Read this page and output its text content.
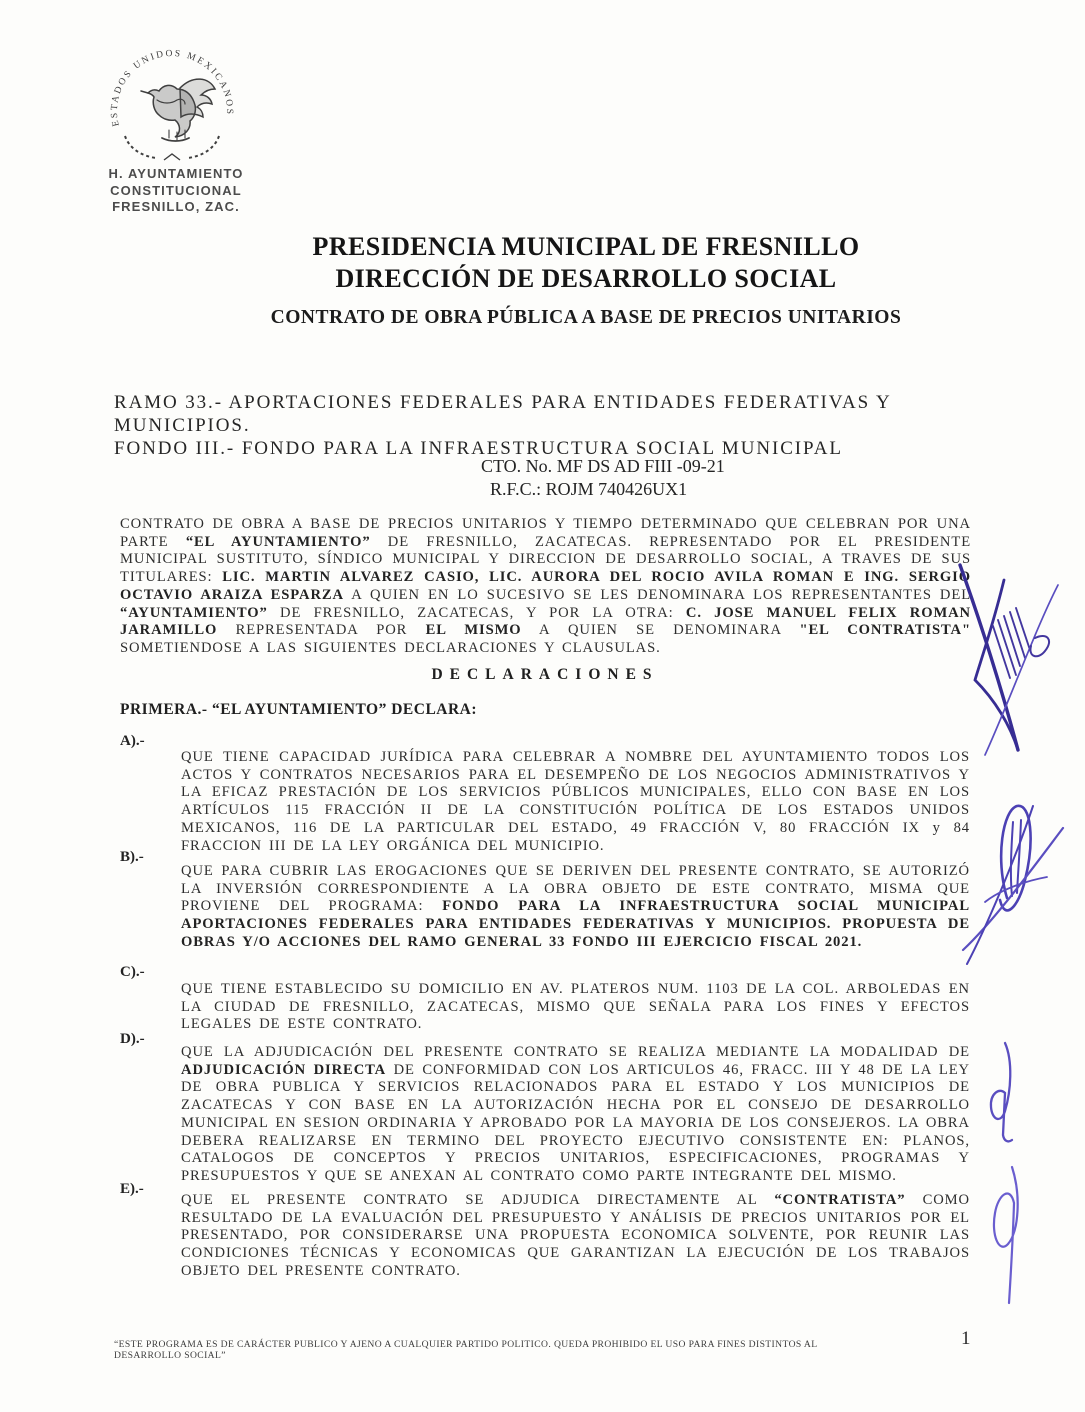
ESTADOS UNIDOS MEXICANOS
H. AYUNTAMIENTO
CONSTITUCIONAL
FRESNILLO, ZAC.
PRESIDENCIA MUNICIPAL DE FRESNILLO
DIRECCIÓN DE DESARROLLO SOCIAL
CONTRATO DE OBRA PÚBLICA A BASE DE PRECIOS UNITARIOS
RAMO 33.- APORTACIONES FEDERALES PARA ENTIDADES FEDERATIVAS Y MUNICIPIOS.
FONDO III.- FONDO PARA LA INFRAESTRUCTURA SOCIAL MUNICIPAL
CTO. No. MF DS AD FIII -09-21
R.F.C.: ROJM 740426UX1
CONTRATO DE OBRA A BASE DE PRECIOS UNITARIOS Y TIEMPO DETERMINADO QUE CELEBRAN POR UNA PARTE “EL AYUNTAMIENTO” DE FRESNILLO, ZACATECAS. REPRESENTADO POR EL PRESIDENTE MUNICIPAL SUSTITUTO, SÍNDICO MUNICIPAL Y DIRECCION DE DESARROLLO SOCIAL, A TRAVES DE SUS TITULARES: LIC. MARTIN ALVAREZ CASIO, LIC. AURORA DEL ROCIO AVILA ROMAN E ING. SERGIO OCTAVIO ARAIZA ESPARZA A QUIEN EN LO SUCESIVO SE LES DENOMINARA LOS REPRESENTANTES DEL “AYUNTAMIENTO” DE FRESNILLO, ZACATECAS, Y POR LA OTRA: C. JOSE MANUEL FELIX ROMAN JARAMILLO REPRESENTADA POR EL MISMO A QUIEN SE DENOMINARA "EL CONTRATISTA" SOMETIENDOSE A LAS SIGUIENTES DECLARACIONES Y CLAUSULAS.
DECLARACIONES
PRIMERA.- “EL AYUNTAMIENTO” DECLARA:
A).-
QUE TIENE CAPACIDAD JURÍDICA PARA CELEBRAR A NOMBRE DEL AYUNTAMIENTO TODOS LOS ACTOS Y CONTRATOS NECESARIOS PARA EL DESEMPEÑO DE LOS NEGOCIOS ADMINISTRATIVOS Y LA EFICAZ PRESTACIÓN DE LOS SERVICIOS PÚBLICOS MUNICIPALES, ELLO CON BASE EN LOS ARTÍCULOS 115 FRACCIÓN II DE LA CONSTITUCIÓN POLÍTICA DE LOS ESTADOS UNIDOS MEXICANOS, 116 DE LA PARTICULAR DEL ESTADO, 49 FRACCIÓN V, 80 FRACCIÓN IX y 84 FRACCION III DE LA LEY ORGÁNICA DEL MUNICIPIO.
B).-
QUE PARA CUBRIR LAS EROGACIONES QUE SE DERIVEN DEL PRESENTE CONTRATO, SE AUTORIZÓ LA INVERSIÓN CORRESPONDIENTE A LA OBRA OBJETO DE ESTE CONTRATO, MISMA QUE PROVIENE DEL PROGRAMA: FONDO PARA LA INFRAESTRUCTURA SOCIAL MUNICIPAL APORTACIONES FEDERALES PARA ENTIDADES FEDERATIVAS Y MUNICIPIOS. PROPUESTA DE OBRAS Y/O ACCIONES DEL RAMO GENERAL 33 FONDO III EJERCICIO FISCAL 2021.
C).-
QUE TIENE ESTABLECIDO SU DOMICILIO EN AV. PLATEROS NUM. 1103 DE LA COL. ARBOLEDAS EN LA CIUDAD DE FRESNILLO, ZACATECAS, MISMO QUE SEÑALA PARA LOS FINES Y EFECTOS LEGALES DE ESTE CONTRATO.
D).-
QUE LA ADJUDICACIÓN DEL PRESENTE CONTRATO SE REALIZA MEDIANTE LA MODALIDAD DE ADJUDICACIÓN DIRECTA DE CONFORMIDAD CON LOS ARTICULOS 46, FRACC. III Y 48 DE LA LEY DE OBRA PUBLICA Y SERVICIOS RELACIONADOS PARA EL ESTADO Y LOS MUNICIPIOS DE ZACATECAS Y CON BASE EN LA AUTORIZACIÓN HECHA POR EL CONSEJO DE DESARROLLO MUNICIPAL EN SESION ORDINARIA Y APROBADO POR LA MAYORIA DE LOS CONSEJEROS. LA OBRA DEBERA REALIZARSE EN TERMINO DEL PROYECTO EJECUTIVO CONSISTENTE EN: PLANOS, CATALOGOS DE CONCEPTOS Y PRECIOS UNITARIOS, ESPECIFICACIONES, PROGRAMAS Y PRESUPUESTOS Y QUE SE ANEXAN AL CONTRATO COMO PARTE INTEGRANTE DEL MISMO.
E).-
QUE EL PRESENTE CONTRATO SE ADJUDICA DIRECTAMENTE AL “CONTRATISTA” COMO RESULTADO DE LA EVALUACIÓN DEL PRESUPUESTO Y ANÁLISIS DE PRECIOS UNITARIOS POR EL PRESENTADO, POR CONSIDERARSE UNA PROPUESTA ECONOMICA SOLVENTE, POR REUNIR LAS CONDICIONES TÉCNICAS Y ECONOMICAS QUE GARANTIZAN LA EJECUCIÓN DE LOS TRABAJOS OBJETO DEL PRESENTE CONTRATO.
“ESTE PROGRAMA ES DE CARÁCTER PUBLICO Y AJENO A CUALQUIER PARTIDO POLITICO. QUEDA PROHIBIDO EL USO PARA FINES DISTINTOS AL DESARROLLO SOCIAL”
1
